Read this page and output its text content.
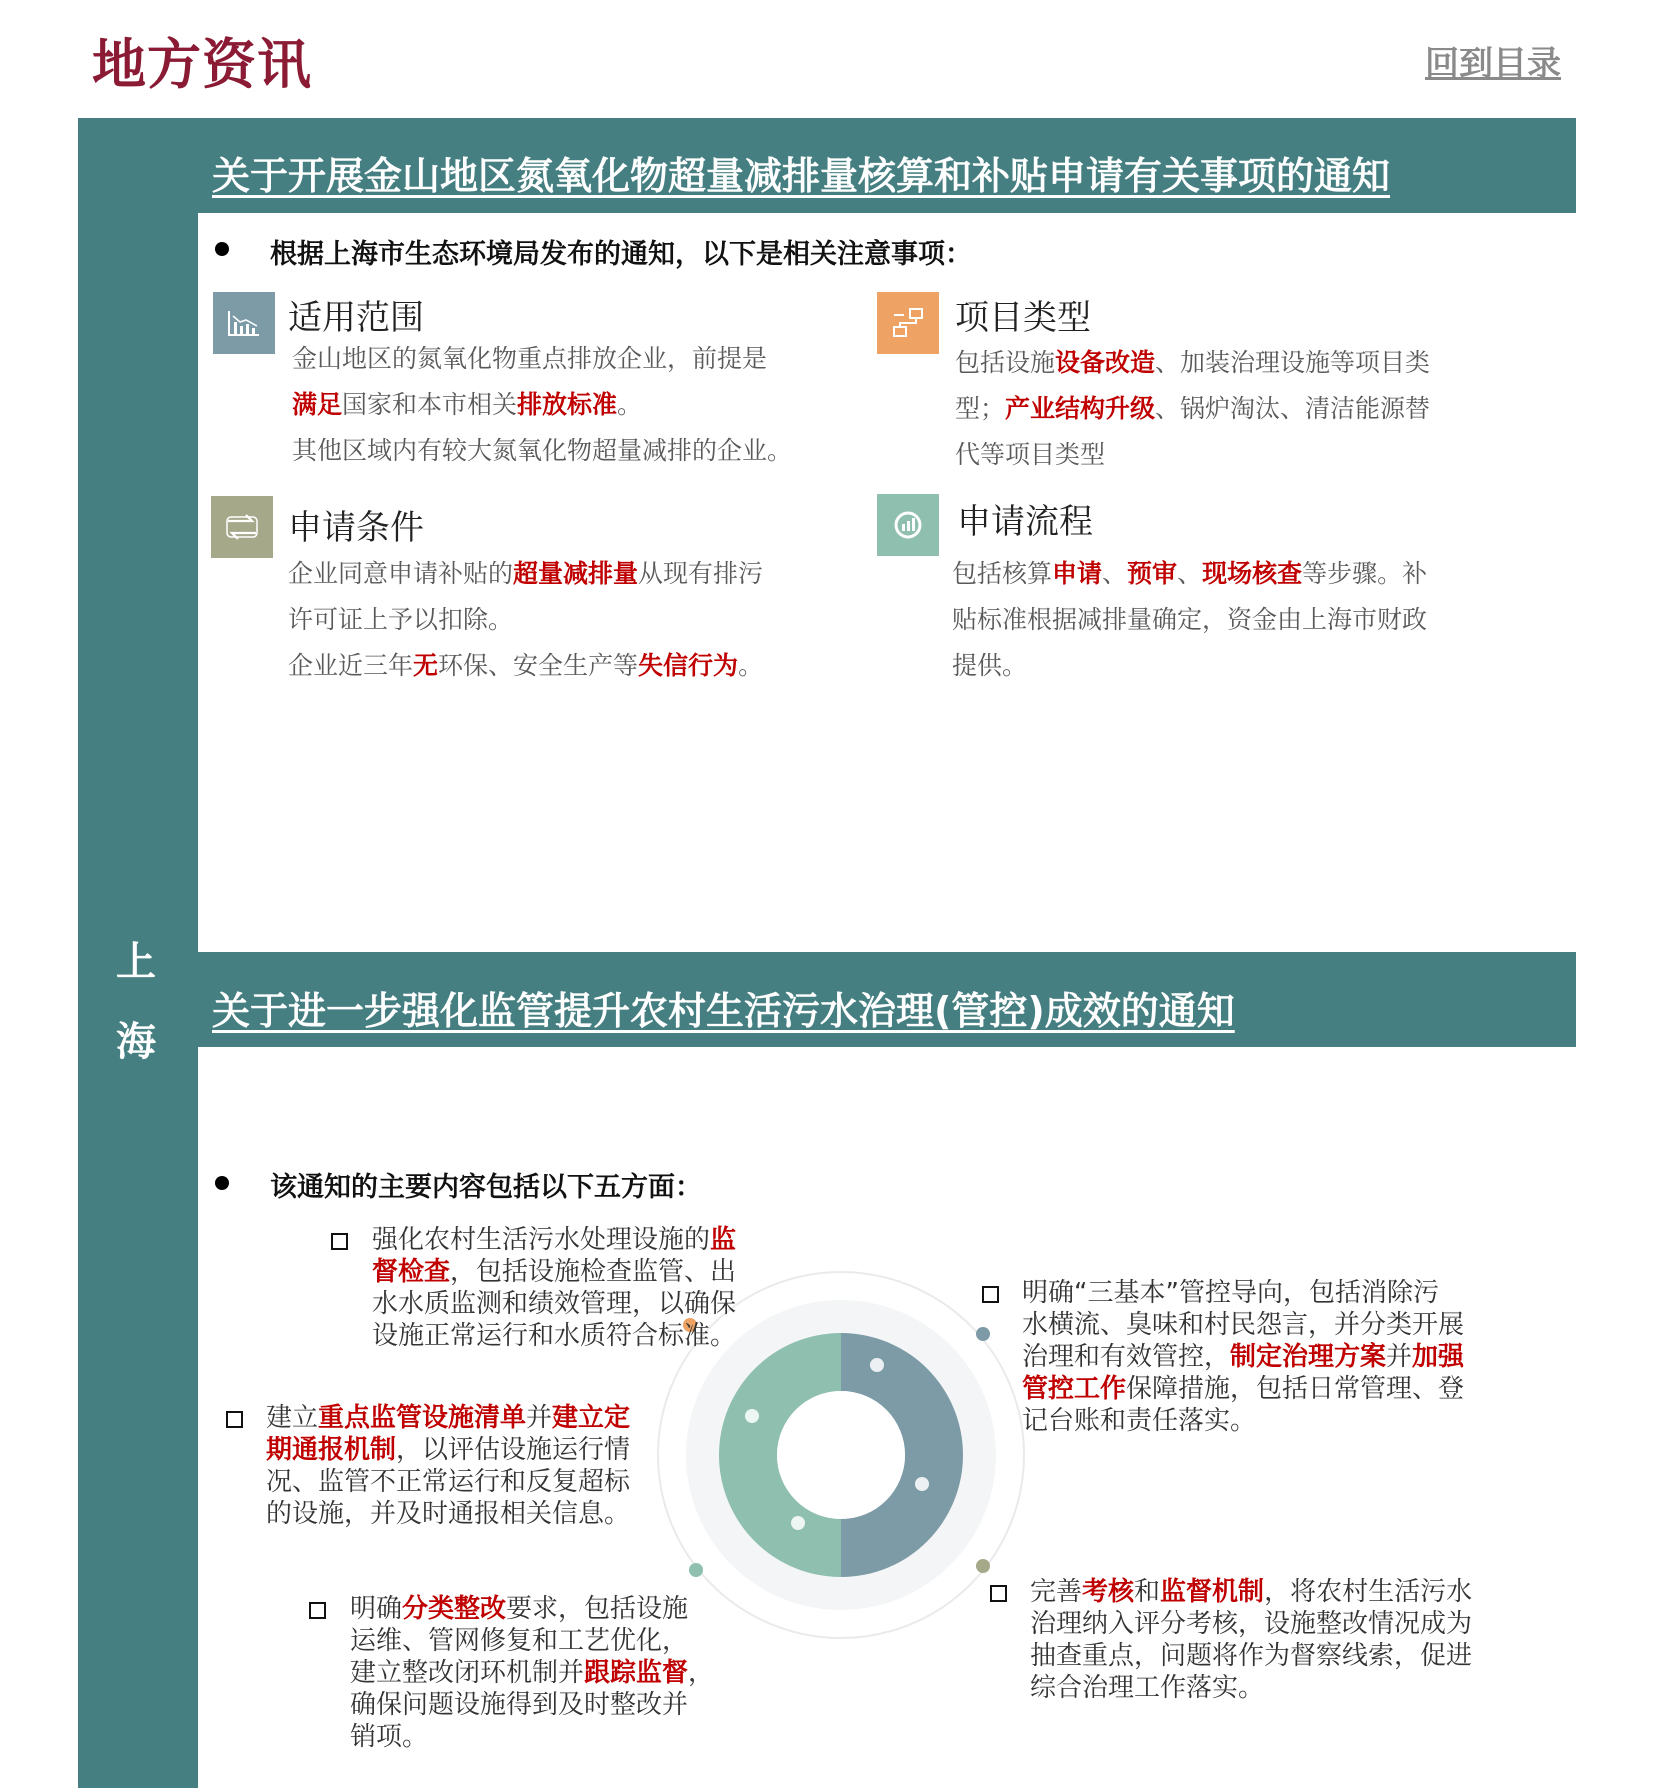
地方资讯	回到目录
上
海
关于开展金山地区氮氧化物超量减排量核算和补贴申请有关事项的通知
根据上海市生态环境局发布的通知，以下是相关注意事项：
适用范围
金山地区的氮氧化物重点排放企业，前提是
满足国家和本市相关排放标准。
其他区域内有较大氮氧化物超量减排的企业。
项目类型
包括设施设备改造、加装治理设施等项目类
型；产业结构升级、锅炉淘汰、清洁能源替
代等项目类型
申请条件
企业同意申请补贴的超量减排量从现有排污
许可证上予以扣除。
企业近三年无环保、安全生产等失信行为。
申请流程
包括核算申请、预审、现场核查等步骤。补
贴标准根据减排量确定，资金由上海市财政
提供。
关于进一步强化监管提升农村生活污水治理(管控)成效的通知
该通知的主要内容包括以下五方面：
强化农村生活污水处理设施的监
督检查，包括设施检查监管、出
水水质监测和绩效管理，以确保
设施正常运行和水质符合标准。
明确“三基本”管控导向，包括消除污
水横流、臭味和村民怨言，并分类开展
治理和有效管控，制定治理方案并加强
管控工作保障措施，包括日常管理、登
记台账和责任落实。
建立重点监管设施清单并建立定
期通报机制，以评估设施运行情
况、监管不正常运行和反复超标
的设施，并及时通报相关信息。
明确分类整改要求，包括设施
运维、管网修复和工艺优化，
建立整改闭环机制并跟踪监督，
确保问题设施得到及时整改并
销项。
完善考核和监督机制，将农村生活污水
治理纳入评分考核，设施整改情况成为
抽查重点，问题将作为督察线索，促进
综合治理工作落实。
